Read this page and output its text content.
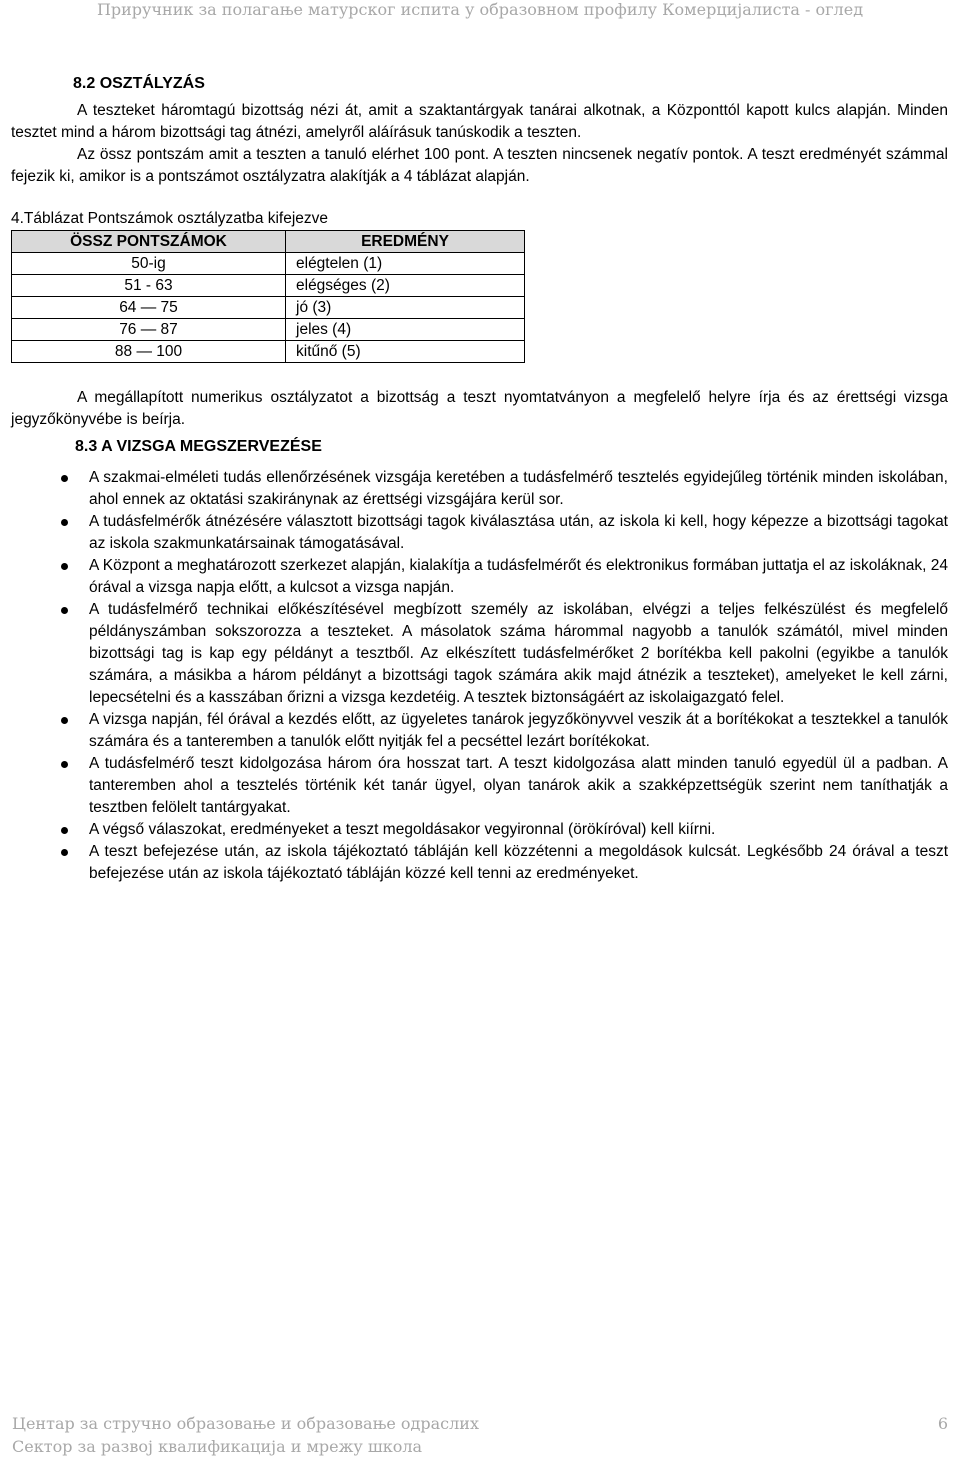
Приручник за полагање матурског испита у образовном профилу Комерцијалиста - оглед

8.2 OSZTÁLYZÁS

A teszteket háromtagú bizottság nézi át, amit a szaktantárgyak tanárai alkotnak, a Központtól kapott kulcs alapján. Minden tesztet mind a három bizottsági tag átnézi, amelyről aláírásuk tanúskodik a teszten.

Az össz pontszám amit a teszten a tanuló elérhet 100 pont. A teszten nincsenek negatív pontok. A teszt eredményét számmal fejezik ki, amikor is a pontszámot osztályzatra alakítják a 4 táblázat alapján.

4.Táblázat Pontszámok osztályzatba kifejezve

ÖSSZ PONTSZÁMOK	EREDMÉNY
50-ig	elégtelen (1)
51 - 63	elégséges (2)
64 — 75	jó (3)
76 — 87	jeles (4)
88 — 100	kitűnő (5)

A megállapított numerikus osztályzatot a bizottság a teszt nyomtatványon a megfelelő helyre írja és az érettségi vizsga jegyzőkönyvébe is beírja.

8.3 A VIZSGA MEGSZERVEZÉSE

A szakmai-elméleti tudás ellenőrzésének vizsgája keretében a tudásfelmérő tesztelés egyidejűleg történik minden iskolában, ahol ennek az oktatási szakiránynak az érettségi vizsgájára kerül sor.
A tudásfelmérők átnézésére választott bizottsági tagok kiválasztása után, az iskola ki kell, hogy képezze a bizottsági tagokat az iskola szakmunkatársainak támogatásával.
A Központ a meghatározott szerkezet alapján, kialakítja a tudásfelmérőt és elektronikus formában juttatja el az iskoláknak, 24 órával a vizsga napja előtt, a kulcsot a vizsga napján.
A tudásfelmérő technikai előkészítésével megbízott személy az iskolában, elvégzi a teljes felkészülést és megfelelő példányszámban sokszorozza a teszteket. A másolatok száma hárommal nagyobb a tanulók számától, mivel minden bizottsági tag is kap egy példányt a tesztből. Az elkészített tudásfelmérőket 2 borítékba kell pakolni (egyikbe a tanulók számára, a másikba a három példányt a bizottsági tagok számára akik majd átnézik a teszteket), amelyeket le kell zárni, lepecsételni és a kasszában őrizni a vizsga kezdetéig. A tesztek biztonságáért az iskolaigazgató felel.
A vizsga napján, fél órával a kezdés előtt, az ügyeletes tanárok jegyzőkönyvvel veszik át a borítékokat a tesztekkel a tanulók számára és a tanteremben a tanulók előtt nyitják fel a pecséttel lezárt borítékokat.
A tudásfelmérő teszt kidolgozása három óra hosszat tart. A teszt kidolgozása alatt minden tanuló egyedül ül a padban. A tanteremben ahol a tesztelés történik két tanár ügyel, olyan tanárok akik a szakképzettségük szerint nem taníthatják a tesztben felölelt tantárgyakat.
A végső válaszokat, eredményeket a teszt megoldásakor vegyironnal (örökíróval) kell kiírni.
A teszt befejezése után, az iskola tájékoztató tábláján kell közzétenni a megoldások kulcsát. Legkésőbb 24 órával a teszt befejezése után az iskola tájékoztató tábláján közzé kell tenni az eredményeket.
Центар за стручно образовање и образовање одраслих
Сектор за развој квалификација и мрежу школа
6
